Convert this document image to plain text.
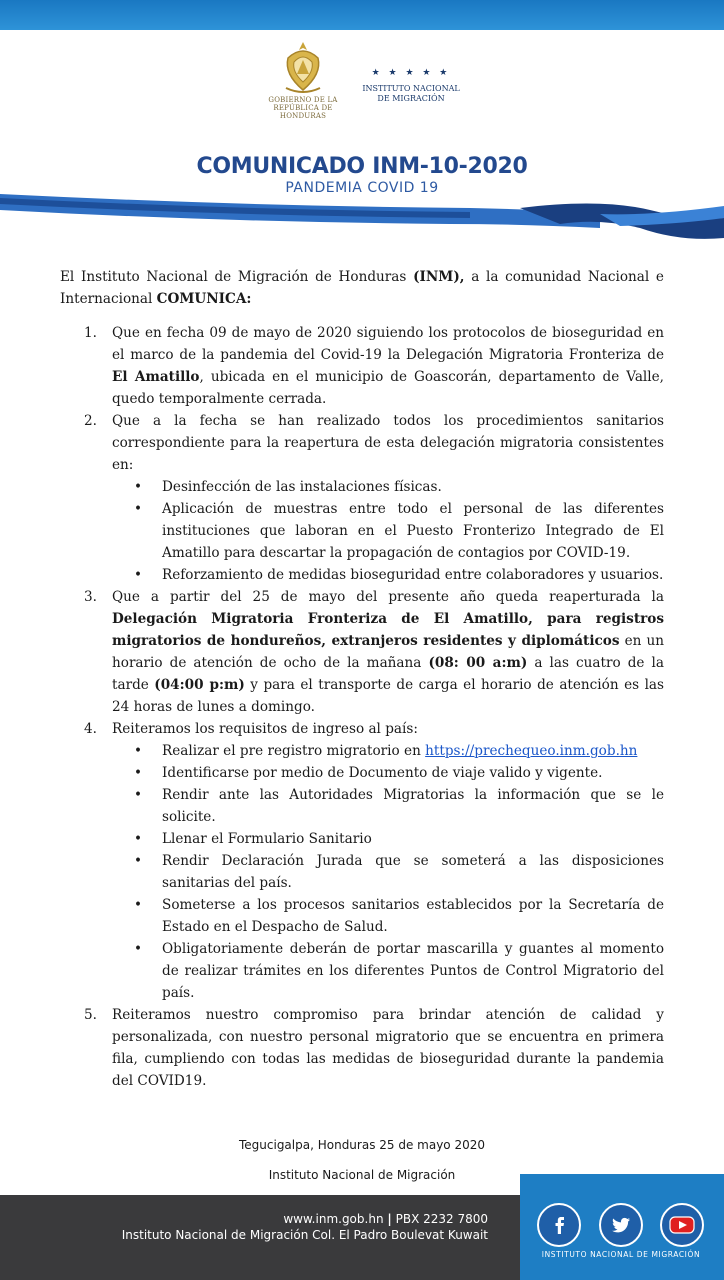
GOBIERNO DE LA
REPÚBLICA DE HONDURAS
★ ★ ★ ★ ★
INSTITUTO NACIONAL
DE MIGRACIÓN
COMUNICADO INM-10-2020
PANDEMIA COVID 19

El Instituto Nacional de Migración de Honduras (INM), a la comunidad Nacional e Internacional COMUNICA:

1. Que en fecha 09 de mayo de 2020 siguiendo los protocolos de bioseguridad en el marco de la pandemia del Covid-19 la Delegación Migratoria Fronteriza de El Amatillo, ubicada en el municipio de Goascorán, departamento de Valle, quedo temporalmente cerrada.
2. Que a la fecha se han realizado todos los procedimientos sanitarios correspondiente para la reapertura de esta delegación migratoria consistentes en:
• Desinfección de las instalaciones físicas.
• Aplicación de muestras entre todo el personal de las diferentes instituciones que laboran en el Puesto Fronterizo Integrado de El Amatillo para descartar la propagación de contagios por COVID-19.
• Reforzamiento de medidas bioseguridad entre colaboradores y usuarios.
3. Que a partir del 25 de mayo del presente año queda reaperturada la Delegación Migratoria Fronteriza de El Amatillo, para registros migratorios de hondureños, extranjeros residentes y diplomáticos en un horario de atención de ocho de la mañana (08: 00 a:m) a las cuatro de la tarde (04:00 p:m) y para el transporte de carga el horario de atención es las 24 horas de lunes a domingo.
4. Reiteramos los requisitos de ingreso al país:
• Realizar el pre registro migratorio en https://prechequeo.inm.gob.hn
• Identificarse por medio de Documento de viaje valido y vigente.
• Rendir ante las Autoridades Migratorias la información que se le solicite.
• Llenar el Formulario Sanitario
• Rendir Declaración Jurada que se someterá a las disposiciones sanitarias del país.
• Someterse a los procesos sanitarios establecidos por la Secretaría de Estado en el Despacho de Salud.
• Obligatoriamente deberán de portar mascarilla y guantes al momento de realizar trámites en los diferentes Puntos de Control Migratorio del país.
5. Reiteramos nuestro compromiso para brindar atención de calidad y personalizada, con nuestro personal migratorio que se encuentra en primera fila, cumpliendo con todas las medidas de bioseguridad durante la pandemia del COVID19.
Tegucigalpa, Honduras 25 de mayo 2020
Instituto Nacional de Migración
www.inm.gob.hn | PBX 2232 7800
Instituto Nacional de Migración Col. El Padro Boulevat Kuwait
INSTITUTO NACIONAL DE MIGRACIÓN
